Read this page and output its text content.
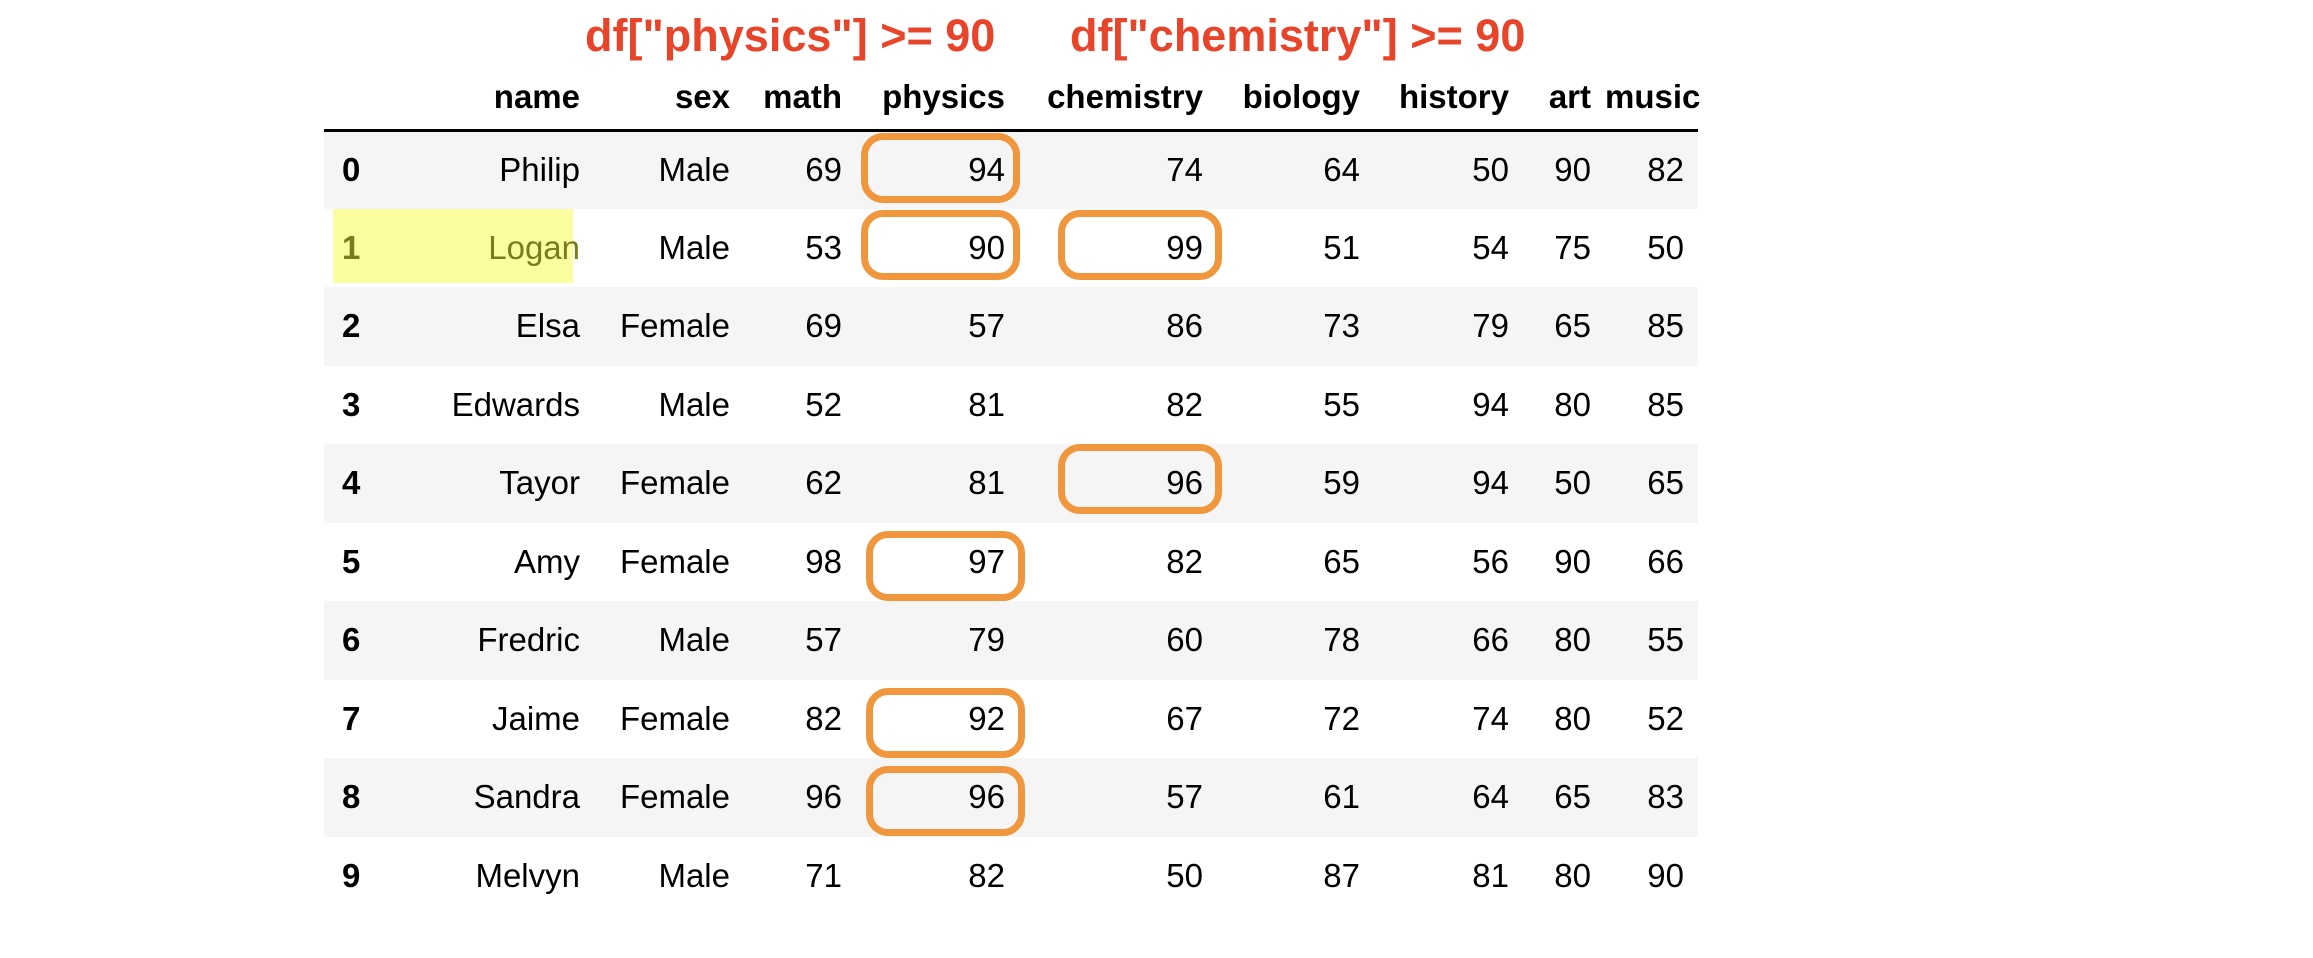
df["physics"] >= 90 df["chemistry"] >= 90
	name	sex	math	physics	chemistry	biology	history	art	music
0	Philip	Male	69	94	74	64	50	90	82
1	Logan	Male	53	90	99	51	54	75	50
2	Elsa	Female	69	57	86	73	79	65	85
3	Edwards	Male	52	81	82	55	94	80	85
4	Tayor	Female	62	81	96	59	94	50	65
5	Amy	Female	98	97	82	65	56	90	66
6	Fredric	Male	57	79	60	78	66	80	55
7	Jaime	Female	82	92	67	72	74	80	52
8	Sandra	Female	96	96	57	61	64	65	83
9	Melvyn	Male	71	82	50	87	81	80	90
